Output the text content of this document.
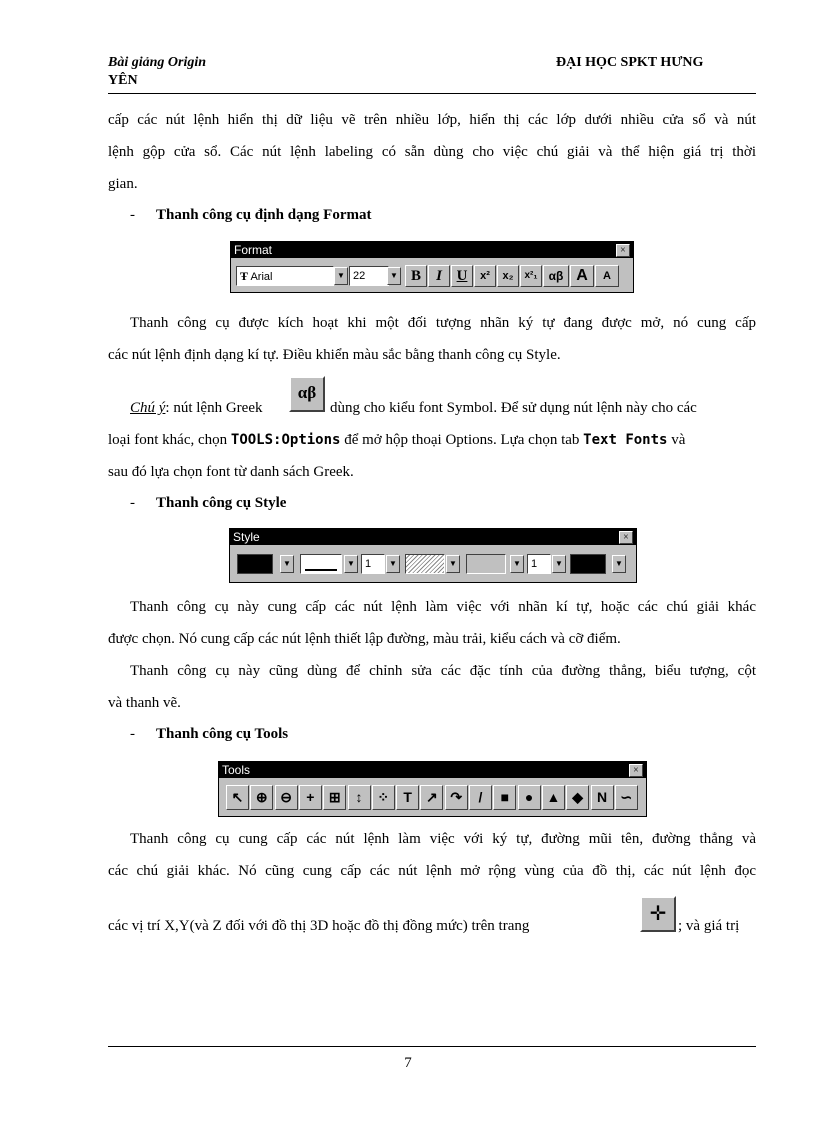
Bài giảng Origin
YÊN
ĐẠI HỌC SPKT HƯNG
cấp các nút lệnh hiển thị dữ liệu vẽ trên nhiều lớp, hiển thị các lớp dưới nhiều cửa sổ và nút
lệnh gộp cửa sổ. Các nút lệnh labeling có sẵn dùng cho việc chú giải và thể hiện giá trị thời
gian.
- Thanh công cụ định dạng Format
Format	×
Ŧ Arial	▼ 22	▼ B	I U	x²	x₂	x²₁ αβ A	A
Thanh công cụ được kích hoạt khi một đối tượng nhãn ký tự đang được mở, nó cung cấp
các nút lệnh định dạng kí tự. Điều khiển màu sắc bằng thanh công cụ Style.
Chú ý: nút lệnh Greek
αβ
dùng cho kiểu font Symbol. Để sử dụng nút lệnh này cho các
loại font khác, chọn TOOLS:Options để mở hộp thoại Options. Lựa chọn tab Text Fonts và
sau đó lựa chọn font từ danh sách Greek.
- Thanh công cụ Style
Style	×
▼	▼ 1	▼	▼	▼ 1	▼	▼
Thanh công cụ này cung cấp các nút lệnh làm việc với nhãn kí tự, hoặc các chú giải khác
được chọn. Nó cung cấp các nút lệnh thiết lập đường, màu trải, kiểu cách và cỡ điểm.
Thanh công cụ này cũng dùng để chỉnh sửa các đặc tính của đường thẳng, biểu tượng, cột
và thanh vẽ.
- Thanh công cụ Tools
Tools	×
↖ ⊕ ⊖	+	⊞	↕	⁘	T	↗ ↷	/	■	● ▲ ◆ N ∽
Thanh công cụ cung cấp các nút lệnh làm việc với ký tự, đường mũi tên, đường thẳng và
các chú giải khác. Nó cũng cung cấp các nút lệnh mở rộng vùng của đồ thị, các nút lệnh đọc
các vị trí X,Y(và Z đối với đồ thị 3D hoặc đồ thị đồng mức) trên trang
✛
; và giá trị
7
